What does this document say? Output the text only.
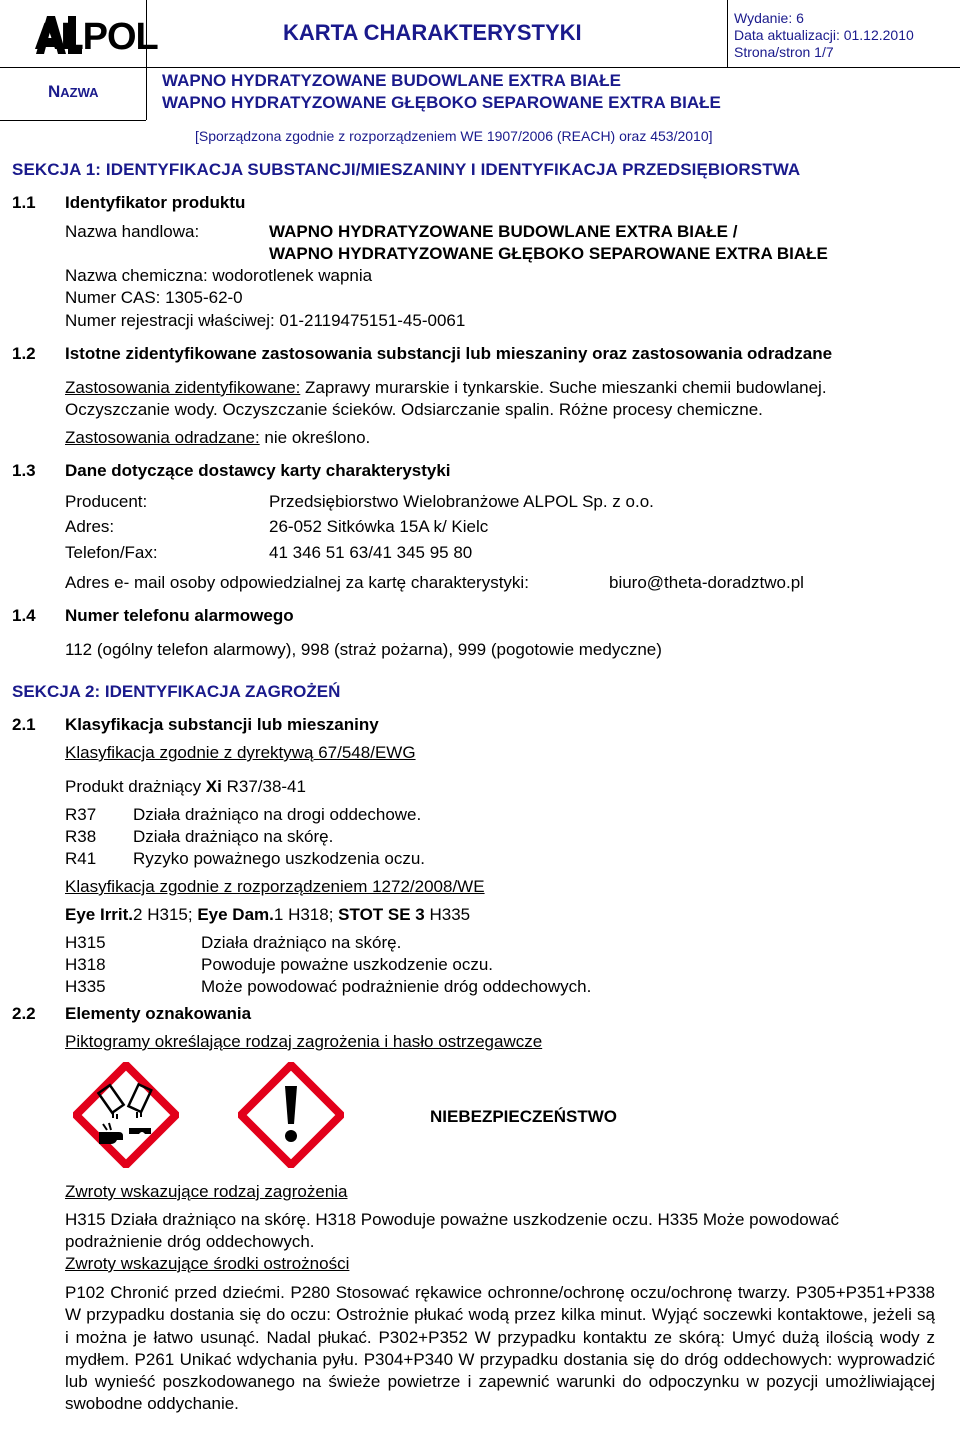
ALPOL	KARTA CHARAKTERYSTYKI
Wydanie: 6
Data aktualizacji: 01.12.2010
Strona/stron 1/7
NAZWA
WAPNO HYDRATYZOWANE BUDOWLANE EXTRA BIAŁE
WAPNO HYDRATYZOWANE GŁĘBOKO SEPAROWANE EXTRA BIAŁE
[Sporządzona zgodnie z rozporządzeniem WE 1907/2006 (REACH) oraz 453/2010]
SEKCJA 1: IDENTYFIKACJA SUBSTANCJI/MIESZANINY I IDENTYFIKACJA PRZEDSIĘBIORSTWA
1.1 Identyfikator produktu
Nazwa handlowa:	WAPNO HYDRATYZOWANE BUDOWLANE EXTRA BIAŁE /
WAPNO HYDRATYZOWANE GŁĘBOKO SEPAROWANE EXTRA BIAŁE
Nazwa chemiczna: wodorotlenek wapnia
Numer CAS: 1305-62-0
Numer rejestracji właściwej: 01-2119475151-45-0061
1.2 Istotne zidentyfikowane zastosowania substancji lub mieszaniny oraz zastosowania odradzane
Zastosowania zidentyfikowane: Zaprawy murarskie i tynkarskie. Suche mieszanki chemii budowlanej.
Oczyszczanie wody. Oczyszczanie ścieków. Odsiarczanie spalin. Różne procesy chemiczne.
Zastosowania odradzane: nie określono.
1.3 Dane dotyczące dostawcy karty charakterystyki
Producent:	Przedsiębiorstwo Wielobranżowe ALPOL Sp. z o.o.
Adres:	26-052 Sitkówka 15A k/ Kielc
Telefon/Fax:	41 346 51 63/41 345 95 80
Adres e- mail osoby odpowiedzialnej za kartę charakterystyki:	biuro@theta-doradztwo.pl
1.4 Numer telefonu alarmowego
112 (ogólny telefon alarmowy), 998 (straż pożarna), 999 (pogotowie medyczne)
SEKCJA 2: IDENTYFIKACJA ZAGROŻEŃ
2.1 Klasyfikacja substancji lub mieszaniny
Klasyfikacja zgodnie z dyrektywą 67/548/EWG
Produkt drażniący Xi R37/38-41
R37 Działa drażniąco na drogi oddechowe.
R38 Działa drażniąco na skórę.
R41 Ryzyko poważnego uszkodzenia oczu.
Klasyfikacja zgodnie z rozporządzeniem 1272/2008/WE
Eye Irrit.2 H315; Eye Dam.1 H318; STOT SE 3 H335
H315	Działa drażniąco na skórę.
H318	Powoduje poważne uszkodzenie oczu.
H335	Może powodować podrażnienie dróg oddechowych.
2.2 Elementy oznakowania
Piktogramy określające rodzaj zagrożenia i hasło ostrzegawcze
NIEBEZPIECZEŃSTWO
Zwroty wskazujące rodzaj zagrożenia
H315 Działa drażniąco na skórę. H318 Powoduje poważne uszkodzenie oczu. H335 Może powodować
podrażnienie dróg oddechowych.
Zwroty wskazujące środki ostrożności
P102 Chronić przed dziećmi. P280 Stosować rękawice ochronne/ochronę oczu/ochronę twarzy. P305+P351+P338 W przypadku dostania się do oczu: Ostrożnie płukać wodą przez kilka minut. Wyjąć soczewki kontaktowe, jeżeli są i można je łatwo usunąć. Nadal płukać. P302+P352 W przypadku kontaktu ze skórą: Umyć dużą ilością wody z mydłem. P261 Unikać wdychania pyłu. P304+P340 W przypadku dostania się do dróg oddechowych: wyprowadzić lub wynieść poszkodowanego na świeże powietrze i zapewnić warunki do odpoczynku w pozycji umożliwiającej swobodne oddychanie.
